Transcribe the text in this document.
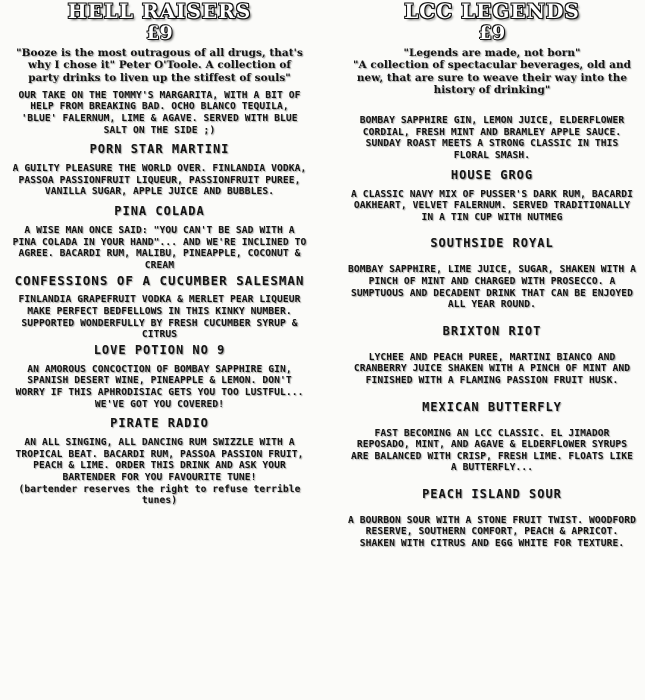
HELL RAISERS
£9
"Booze is the most outragous of all drugs, that's why I chose it" Peter O'Toole. A collection of party drinks to liven up the stiffest of souls"
OUR TAKE ON THE TOMMY'S MARGARITA, WITH A BIT OF HELP FROM BREAKING BAD. OCHO BLANCO TEQUILA, 'BLUE' FALERNUM, LIME & AGAVE. SERVED WITH BLUE SALT ON THE SIDE ;)
PORN STAR MARTINI
A GUILTY PLEASURE THE WORLD OVER. FINLANDIA VODKA, PASSOA PASSIONFRUIT LIQUEUR, PASSIONFRUIT PUREE, VANILLA SUGAR, APPLE JUICE AND BUBBLES.
PINA COLADA
A WISE MAN ONCE SAID: "YOU CAN'T BE SAD WITH A PINA COLADA IN YOUR HAND"... AND WE'RE INCLINED TO AGREE. BACARDI RUM, MALIBU, PINEAPPLE, COCONUT & CREAM
CONFESSIONS OF A CUCUMBER SALESMAN
FINLANDIA GRAPEFRUIT VODKA & MERLET PEAR LIQUEUR MAKE PERFECT BEDFELLOWS IN THIS KINKY NUMBER. SUPPORTED WONDERFULLY BY FRESH CUCUMBER SYRUP & CITRUS
LOVE POTION NO 9
AN AMOROUS CONCOCTION OF BOMBAY SAPPHIRE GIN, SPANISH DESERT WINE, PINEAPPLE & LEMON. DON'T WORRY IF THIS APHRODISIAC GETS YOU TOO LUSTFUL... WE'VE GOT YOU COVERED!
PIRATE RADIO
AN ALL SINGING, ALL DANCING RUM SWIZZLE WITH A TROPICAL BEAT. BACARDI RUM, PASSOA PASSION FRUIT, PEACH & LIME. ORDER THIS DRINK AND ASK YOUR BARTENDER FOR YOU FAVOURITE TUNE!
(bartender reserves the right to refuse terrible tunes)
LCC LEGENDS
£9
"Legends are made, not born"
"A collection of spectacular beverages, old and new, that are sure to weave their way into the history of drinking"
BOMBAY SAPPHIRE GIN, LEMON JUICE, ELDERFLOWER CORDIAL, FRESH MINT AND BRAMLEY APPLE SAUCE. SUNDAY ROAST MEETS A STRONG CLASSIC IN THIS FLORAL SMASH.
HOUSE GROG
A CLASSIC NAVY MIX OF PUSSER'S DARK RUM, BACARDI OAKHEART, VELVET FALERNUM. SERVED TRADITIONALLY IN A TIN CUP WITH NUTMEG
SOUTHSIDE ROYAL
BOMBAY SAPPHIRE, LIME JUICE, SUGAR, SHAKEN WITH A PINCH OF MINT AND CHARGED WITH PROSECCO. A SUMPTUOUS AND DECADENT DRINK THAT CAN BE ENJOYED ALL YEAR ROUND.
BRIXTON RIOT
LYCHEE AND PEACH PUREE, MARTINI BIANCO AND CRANBERRY JUICE SHAKEN WITH A PINCH OF MINT AND FINISHED WITH A FLAMING PASSION FRUIT HUSK.
MEXICAN BUTTERFLY
FAST BECOMING AN LCC CLASSIC. EL JIMADOR REPOSADO, MINT, AND AGAVE & ELDERFLOWER SYRUPS ARE BALANCED WITH CRISP, FRESH LIME. FLOATS LIKE A BUTTERFLY...
PEACH ISLAND SOUR
A BOURBON SOUR WITH A STONE FRUIT TWIST. WOODFORD RESERVE, SOUTHERN COMFORT, PEACH & APRICOT. SHAKEN WITH CITRUS AND EGG WHITE FOR TEXTURE.
